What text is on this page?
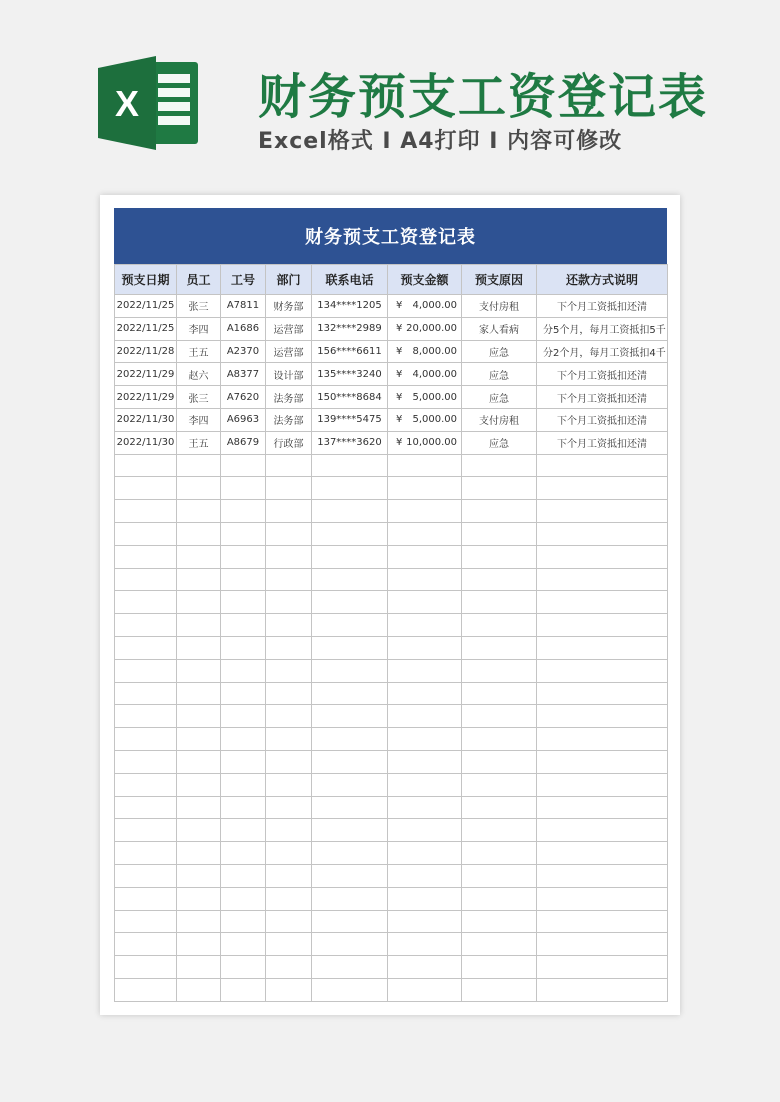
X 财务预支工资登记表
Excel格式 I A4打印 I 内容可修改
财务预支工资登记表
预支日期	员工	工号	部门	联系电话	预支金额	预支原因	还款方式说明
2022/11/25	张三	A7811	财务部	134****1205	¥ 4,000.00	支付房租	下个月工资抵扣还清
2022/11/25	李四	A1686	运营部	132****2989	¥ 20,000.00	家人看病	分5个月，每月工资抵扣5千
2022/11/28	王五	A2370	运营部	156****6611	¥ 8,000.00	应急	分2个月，每月工资抵扣4千
2022/11/29	赵六	A8377	设计部	135****3240	¥ 4,000.00	应急	下个月工资抵扣还清
2022/11/29	张三	A7620	法务部	150****8684	¥ 5,000.00	应急	下个月工资抵扣还清
2022/11/30	李四	A6963	法务部	139****5475	¥ 5,000.00	支付房租	下个月工资抵扣还清
2022/11/30	王五	A8679	行政部	137****3620	¥ 10,000.00	应急	下个月工资抵扣还清
